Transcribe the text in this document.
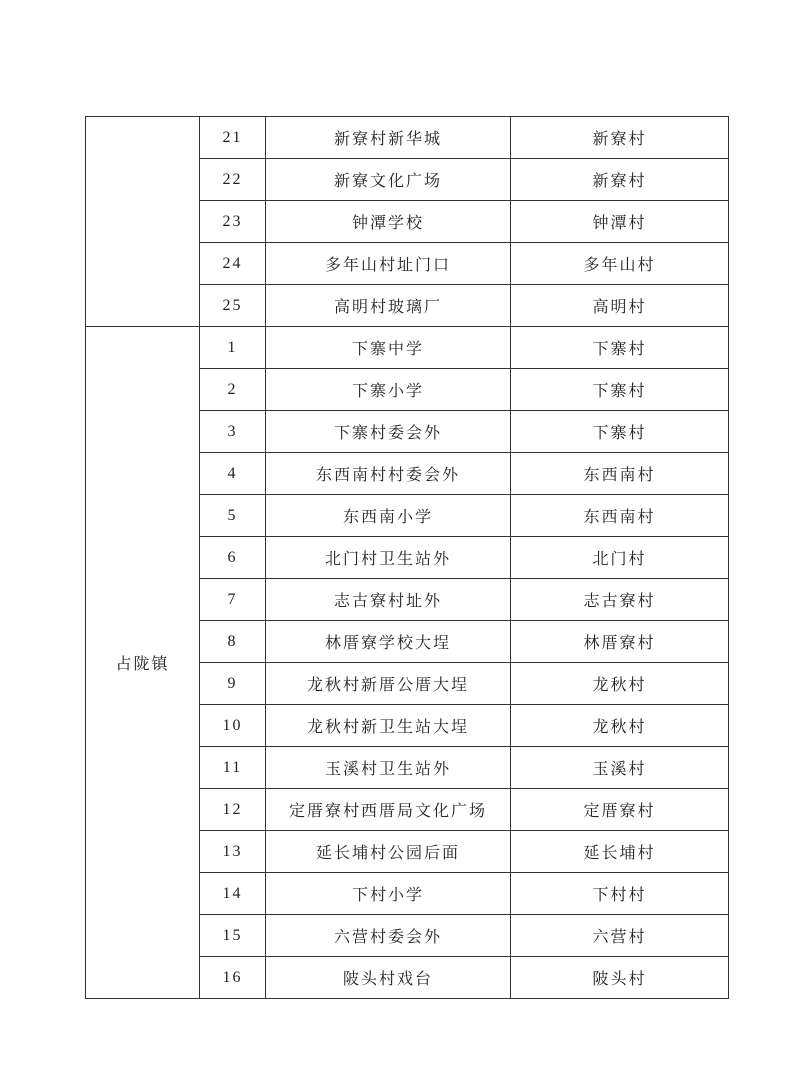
	21	新寮村新华城	新寮村
	22	新寮文化广场	新寮村
	23	钟潭学校	钟潭村
	24	多年山村址门口	多年山村
	25	高明村玻璃厂	高明村
占陇镇	1	下寨中学	下寨村
	2	下寨小学	下寨村
	3	下寨村委会外	下寨村
	4	东西南村村委会外	东西南村
	5	东西南小学	东西南村
	6	北门村卫生站外	北门村
	7	志古寮村址外	志古寮村
	8	林厝寮学校大埕	林厝寮村
	9	龙秋村新厝公厝大埕	龙秋村
	10	龙秋村新卫生站大埕	龙秋村
	11	玉溪村卫生站外	玉溪村
	12	定厝寮村西厝局文化广场	定厝寮村
	13	延长埔村公园后面	延长埔村
	14	下村小学	下村村
	15	六营村委会外	六营村
	16	陂头村戏台	陂头村
